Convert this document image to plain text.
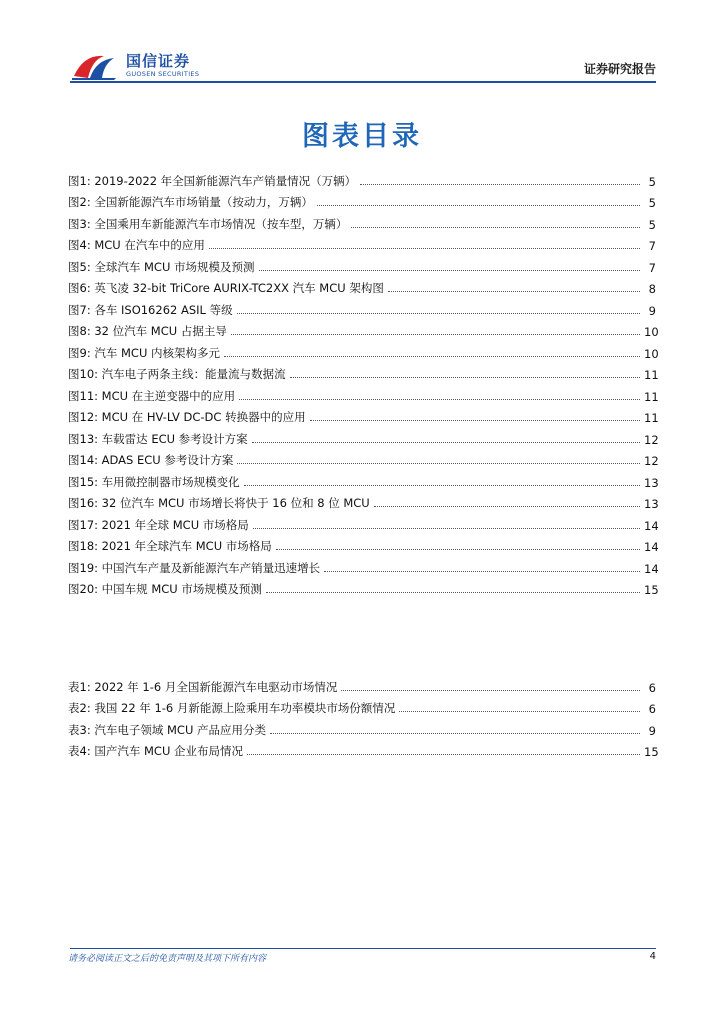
国信证券
GUOSEN SECURITIES	证券研究报告
图表目录
图1: 2019-2022 年全国新能源汽车产销量情况（万辆）	5
图2: 全国新能源汽车市场销量（按动力，万辆）	5
图3: 全国乘用车新能源汽车市场情况（按车型，万辆）	5
图4: MCU 在汽车中的应用	7
图5: 全球汽车 MCU 市场规模及预测	7
图6: 英飞凌 32-bit TriCore AURIX-TC2XX 汽车 MCU 架构图	8
图7: 各车 ISO16262 ASIL 等级	9
图8: 32 位汽车 MCU 占据主导	10
图9: 汽车 MCU 内核架构多元	10
图10: 汽车电子两条主线：能量流与数据流	11
图11: MCU 在主逆变器中的应用	11
图12: MCU 在 HV-LV DC-DC 转换器中的应用	11
图13: 车载雷达 ECU 参考设计方案	12
图14: ADAS ECU 参考设计方案	12
图15: 车用微控制器市场规模变化	13
图16: 32 位汽车 MCU 市场增长将快于 16 位和 8 位 MCU	13
图17: 2021 年全球 MCU 市场格局	14
图18: 2021 年全球汽车 MCU 市场格局	14
图19: 中国汽车产量及新能源汽车产销量迅速增长	14
图20: 中国车规 MCU 市场规模及预测	15
表1: 2022 年 1-6 月全国新能源汽车电驱动市场情况	6
表2: 我国 22 年 1-6 月新能源上险乘用车功率模块市场份额情况	6
表3: 汽车电子领域 MCU 产品应用分类	9
表4: 国产汽车 MCU 企业布局情况	15
请务必阅读正文之后的免责声明及其项下所有内容	4
